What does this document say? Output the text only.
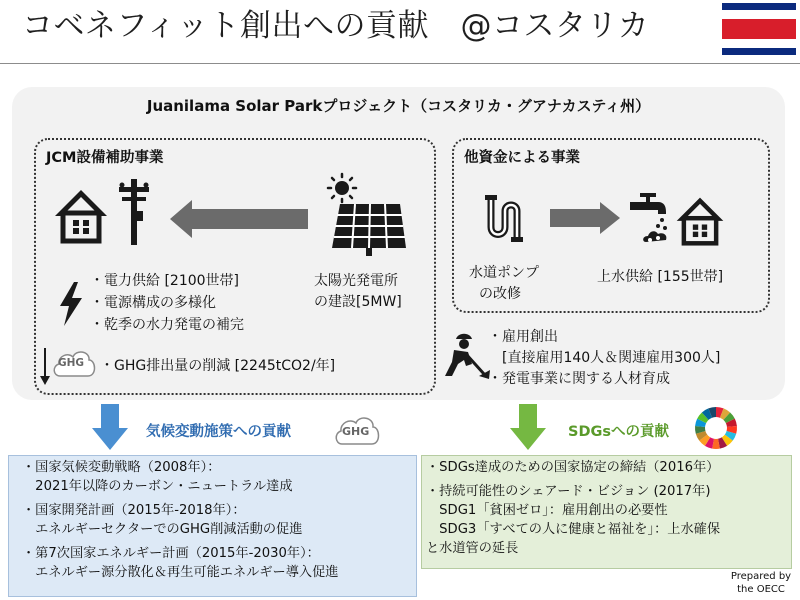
コベネフィット創出への貢献　@コスタリカ
Juanilama Solar Parkプロジェクト（コスタリカ・グアナカスティ州）
JCM設備補助事業
太陽光発電所
の建設[5MW]
・ 電力供給 [2100世帯]
・ 電源構成の多様化
・ 乾季の水力発電の補完
GHG
・	GHG排出量の削減 [2245tCO2/年]
他資金による事業
水道ポンプ
の改修
上水供給 [155世帯]
・ 雇用創出
[直接雇用140人＆関連雇用300人]
・ 発電事業に関する人材育成
気候変動施策への貢献	GHG	SDGsへの貢献
・国家気候変動戦略（2008年）：
　2021年以降のカーボン・ニュートラル達成
・国家開発計画（2015年-2018年）：
　エネルギーセクターでのGHG削減活動の促進
・第7次国家エネルギー計画（2015年-2030年）：
　エネルギー源分散化＆再生可能エネルギー導入促進
・SDGs達成のための国家協定の締結（2016年）
・持続可能性のシェアード・ビジョン (2017年)
　SDG1「貧困ゼロ」：雇用創出の必要性
　SDG3「すべての人に健康と福祉を」：上水確保
と水道管の延長
Prepared by
the OECC
